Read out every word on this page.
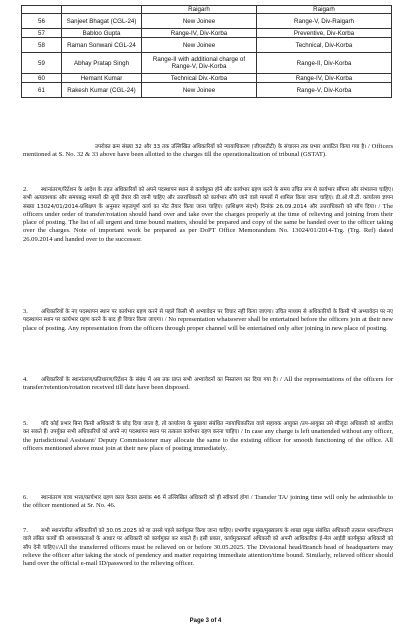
		Raigarh	Raigarh
56	Sanjeet Bhagat (CGL-24)	New Joinee	Range-V, Div-Raigarh
57	Babloo Gupta	Range-IV, Div-Korba	Preventive, Div-Korba
58	Raman Sonwani CGL-24	New Joinee	Technical, Div-Korba
59	Abhay Pratap Singh	Range-II with additional charge of Range-V, Div-Korba	Range-II, Div-Korba
60	Hemant Kumar	Technical Div.-Korba	Range-IV, Div-Korba
61	Rakesh Kumar (CGL-24)	New Joinee	Range-V, Div-Korba
उपरोक्त क्रम संख्या 32 और 33 तक उल्लिखित अधिकारियों को न्यायाधिकरण (जीएसटीटी) के संचालन तक प्रभार आवंटित किया गया है। / Officers mentioned at S. No. 32 & 33 above have been allotted to the charges till the operationalization of tribunal (GSTAT).
2. स्थानांतरण/रिटेंशन के आदेश के तहत अधिकारियों को अपने पदस्थापन स्थान से कार्यमुक्त होने और कार्यभार ग्रहण करने के समय उचित रूप से कार्यभार सौंपना और संभालना चाहिए। सभी अत्यावश्यक और समयबद्ध मामलों की सूची तैयार की जानी चाहिए और उत्तराधिकारी को कार्यभार सौंपे जाने वाले मामलों में शामिल किया जाना चाहिए। डी.ओ.पी.टी. कार्यालय ज्ञापन संख्या 13024/01/2014-प्रशिक्षण के अनुसार महत्वपूर्ण कार्य का नोट तैयार किया जाना चाहिए। (प्रशिक्षण संदर्भ) दिनांक 26.09.2014 और उत्तराधिकारी को सौंप दिया। / The officers under order of transfer/rotation should hand over and take over the charges properly at the time of relieving and joining from their place of posting. The list of all urgent and time bound matters, should be prepared and copy of the same be handed over to the officer taking over the charges. Note of important work be prepared as per DoPT Office Memorandum No. 13024/01/2014-Trg. (Trg. Ref) dated 26.09.2014 and handed over to the successor.
3. अधिकारियों के नए पदस्थापन स्थान पर कार्यभार ग्रहण करने से पहले किसी भी अभ्यावेदन पर विचार नहीं किया जाएगा। उचित माध्यम से अधिकारियों के किसी भी अभ्यावेदन पर नए पदस्थापन स्थान पर कार्यभार ग्रहण करने के बाद ही विचार किया जाएगा। / No representation whatsoever shall be entertained before the officers join at their new place of posting. Any representation from the officers through proper channel will be entertained only after joining in new place of posting.
4. अधिकारियों के स्थानांतरण/प्रतिधारण/रिटेंशन के संबंध में अब तक प्राप्त सभी अभ्यावेदनों का निस्तारण कर दिया गया है। / All the representations of the officers for transfer/retention/rotation received till date have been disposed.
5. यदि कोई प्रभार बिना किसी अधिकारी के छोड़ दिया जाता है, तो कार्यालय के मुखाया संबंधित न्यायाधिकारिता वाले सहायक आयुक्त /उप-आयुक्त उसे मौजूदा अधिकारी को आवंटित कर सकते हैं। उपर्युक्त सभी अधिकारियों को अपने नए पदस्थापन स्थान पर तत्काल कार्यभार ग्रहण करना चाहिए। / In case any charge is left unattended without any officer, the jurisdictional Assistant/ Deputy Commissioner may allocate the same to the existing officer for smooth functioning of the office. All officers mentioned above must join at their new place of posting immediately.
6. स्थानांतरण यात्रा भत्ता/कार्यभार ग्रहण काल केवल क्रमांक 46 में उल्लिखित अधिकारी को ही स्वीकार्य होगा / Transfer TA/ joining time will only be admissible to the officer mentioned at Sr. No. 46.
7. सभी स्थानांतरित अधिकारियों को 30.05.2025 को या उससे पहले कार्यमुक्त किया जाना चाहिए। प्रभागीय प्रमुख/मुख्यालय के शाखा प्रमुख संबंधित अधिकारी तत्काल ध्यान/निपटान वाले लंबित कार्यों की आवश्यकताओं के आधार पर अधिकारी को कार्यमुक्त कर सकते हैं। इसी प्रकार, कार्यमुक्तकर्ता अधिकारी को अपनी आधिकारिक ई-मेल आईडी कार्यमुक्त अधिकारी को सौंप देनी चाहिए।/All the transferred officers must be relieved on or before 30.05.2025. The Divisional head/Branch head of headquarters may relieve the officer after taking the stock of pendency and matter requiring immediate attention/time bound. Similarly, relieved officer should hand over the official e-mail ID/password to the relieving officer.
Page 3 of 4
